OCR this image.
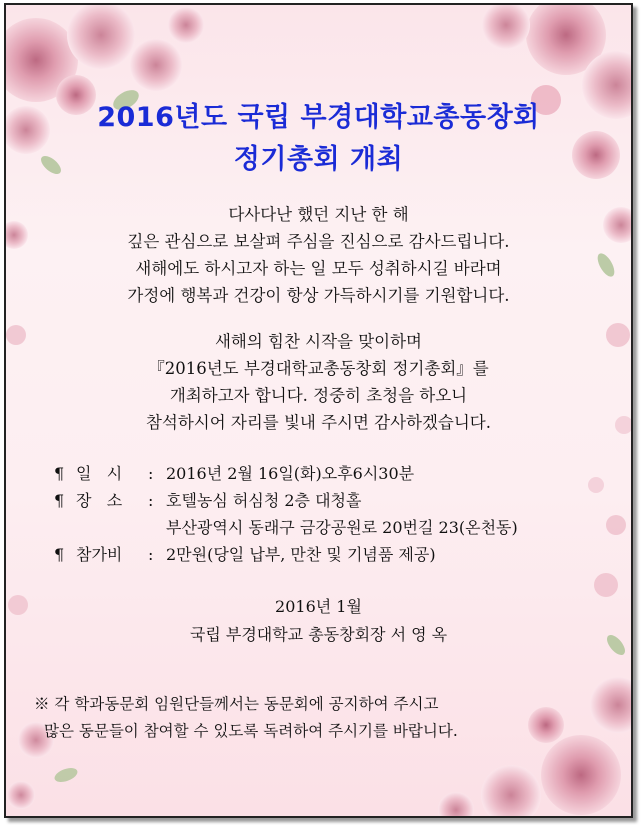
2016년도 국립 부경대학교총동창회
정기총회 개최
다사다난 했던 지난 한 해
깊은 관심으로 보살펴 주심을 진심으로 감사드립니다.
새해에도 하시고자 하는 일 모두 성취하시길 바라며
가정에 행복과 건강이 항상 가득하시기를 기원합니다.
새해의 힘찬 시작을 맞이하며
『2016년도 부경대학교총동창회 정기총회』를
개최하고자 합니다. 정중히 초청을 하오니
참석하시어 자리를 빛내 주시면 감사하겠습니다.
¶ 일   시	: 2016년 2월 16일(화)오후6시30분
¶ 장   소	: 호텔농심 허심청 2층 대청홀
부산광역시 동래구 금강공원로 20번길 23(온천동)
¶ 참가비	: 2만원(당일 납부, 만찬 및 기념품 제공)
2016년 1월
국립 부경대학교 총동창회장 서 영 옥
※ 각 학과동문회 임원단들께서는 동문회에 공지하여 주시고
많은 동문들이 참여할 수 있도록 독려하여 주시기를 바랍니다.
